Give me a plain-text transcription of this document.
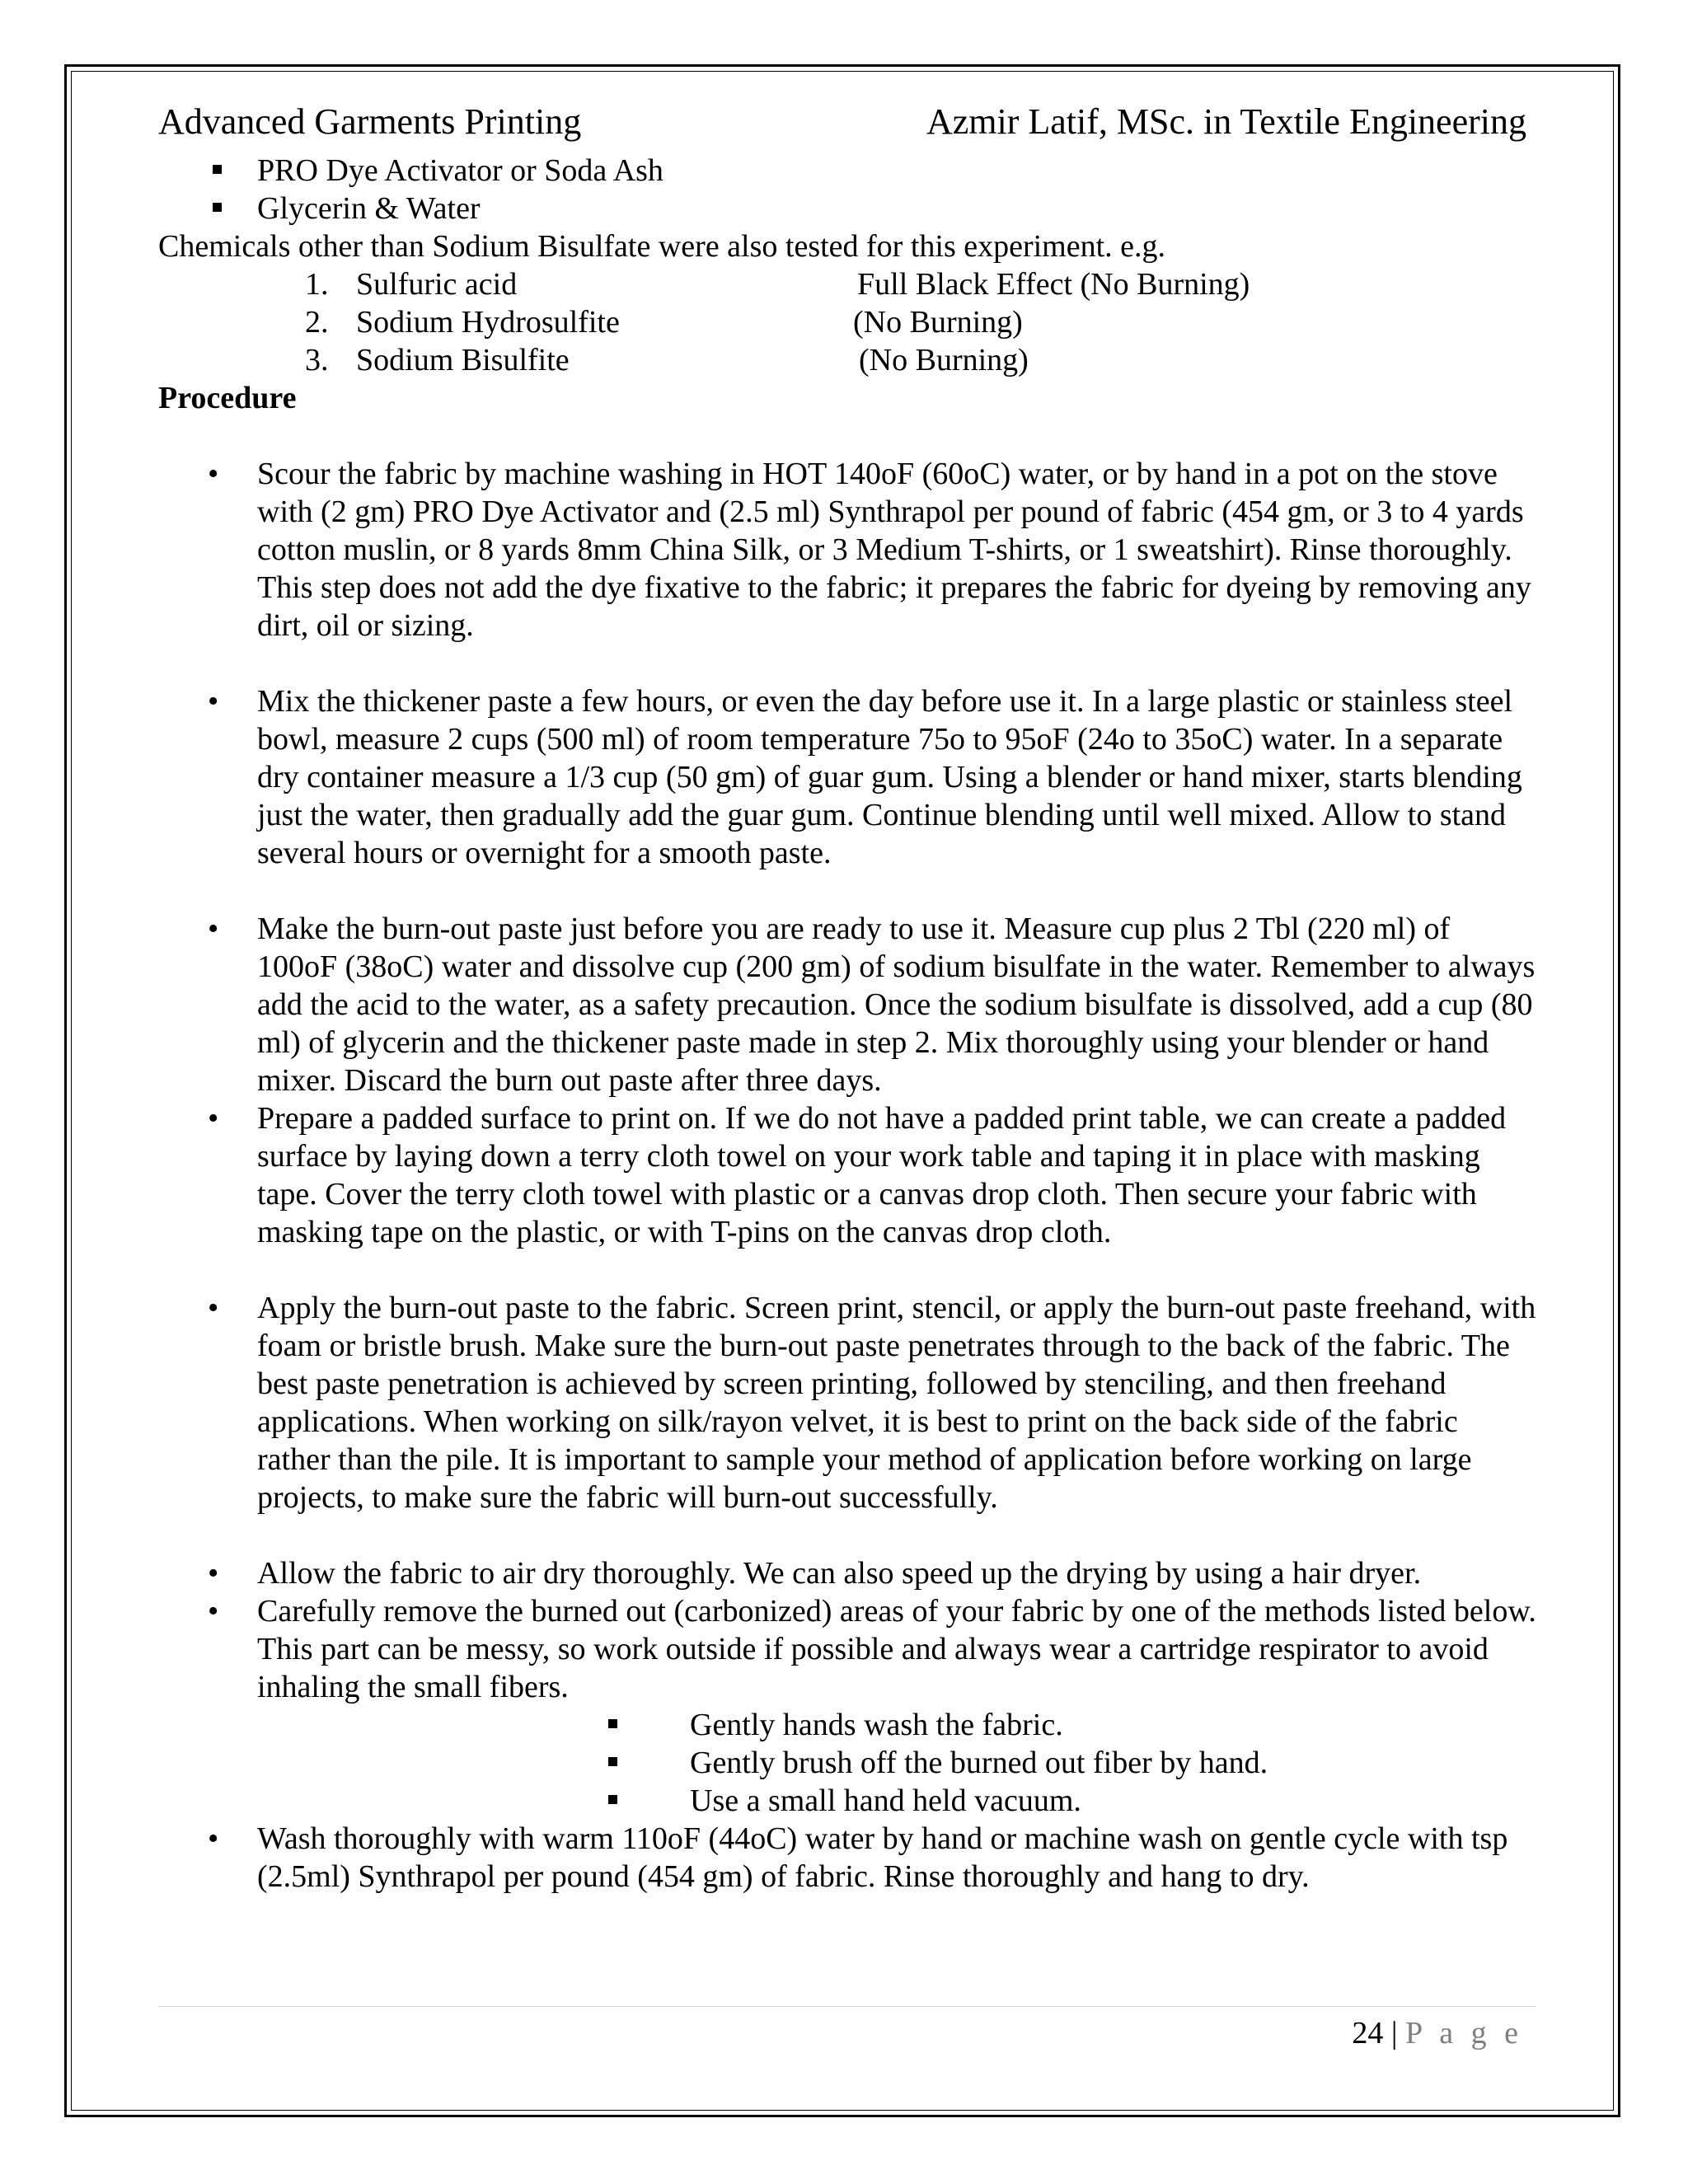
Advanced Garments Printing	Azmir Latif, MSc. in Textile Engineering
PRO Dye Activator or Soda Ash
Glycerin & Water

Chemicals other than Sodium Bisulfate were also tested for this experiment. e.g.

1. Sulfuric acid	Full Black Effect (No Burning)
2. Sodium Hydrosulfite	(No Burning)
3. Sodium Bisulfite	(No Burning)

Procedure

• Scour the fabric by machine washing in HOT 140oF (60oC) water, or by hand in a pot on the stove with (2 gm) PRO Dye Activator and (2.5 ml) Synthrapol per pound of fabric (454 gm, or 3 to 4 yards cotton muslin, or 8 yards 8mm China Silk, or 3 Medium T-shirts, or 1 sweatshirt). Rinse thoroughly. This step does not add the dye fixative to the fabric; it prepares the fabric for dyeing by removing any dirt, oil or sizing.
• Mix the thickener paste a few hours, or even the day before use it. In a large plastic or stainless steel bowl, measure 2 cups (500 ml) of room temperature 75o to 95oF (24o to 35oC) water. In a separate dry container measure a 1/3 cup (50 gm) of guar gum. Using a blender or hand mixer, starts blending just the water, then gradually add the guar gum. Continue blending until well mixed. Allow to stand several hours or overnight for a smooth paste.
• Make the burn-out paste just before you are ready to use it. Measure cup plus 2 Tbl (220 ml) of 100oF (38oC) water and dissolve cup (200 gm) of sodium bisulfate in the water. Remember to always add the acid to the water, as a safety precaution. Once the sodium bisulfate is dissolved, add a cup (80 ml) of glycerin and the thickener paste made in step 2. Mix thoroughly using your blender or hand mixer. Discard the burn out paste after three days.
• Prepare a padded surface to print on. If we do not have a padded print table, we can create a padded surface by laying down a terry cloth towel on your work table and taping it in place with masking tape. Cover the terry cloth towel with plastic or a canvas drop cloth. Then secure your fabric with masking tape on the plastic, or with T-pins on the canvas drop cloth.
• Apply the burn-out paste to the fabric. Screen print, stencil, or apply the burn-out paste freehand, with foam or bristle brush. Make sure the burn-out paste penetrates through to the back of the fabric. The best paste penetration is achieved by screen printing, followed by stenciling, and then freehand applications. When working on silk/rayon velvet, it is best to print on the back side of the fabric rather than the pile. It is important to sample your method of application before working on large projects, to make sure the fabric will burn-out successfully.
• Allow the fabric to air dry thoroughly. We can also speed up the drying by using a hair dryer.
• Carefully remove the burned out (carbonized) areas of your fabric by one of the methods listed below. This part can be messy, so work outside if possible and always wear a cartridge respirator to avoid inhaling the small fibers.
Gently hands wash the fabric.
Gently brush off the burned out fiber by hand.
Use a small hand held vacuum.
• Wash thoroughly with warm 110oF (44oC) water by hand or machine wash on gentle cycle with tsp (2.5ml) Synthrapol per pound (454 gm) of fabric. Rinse thoroughly and hang to dry.
24 | P a g e
